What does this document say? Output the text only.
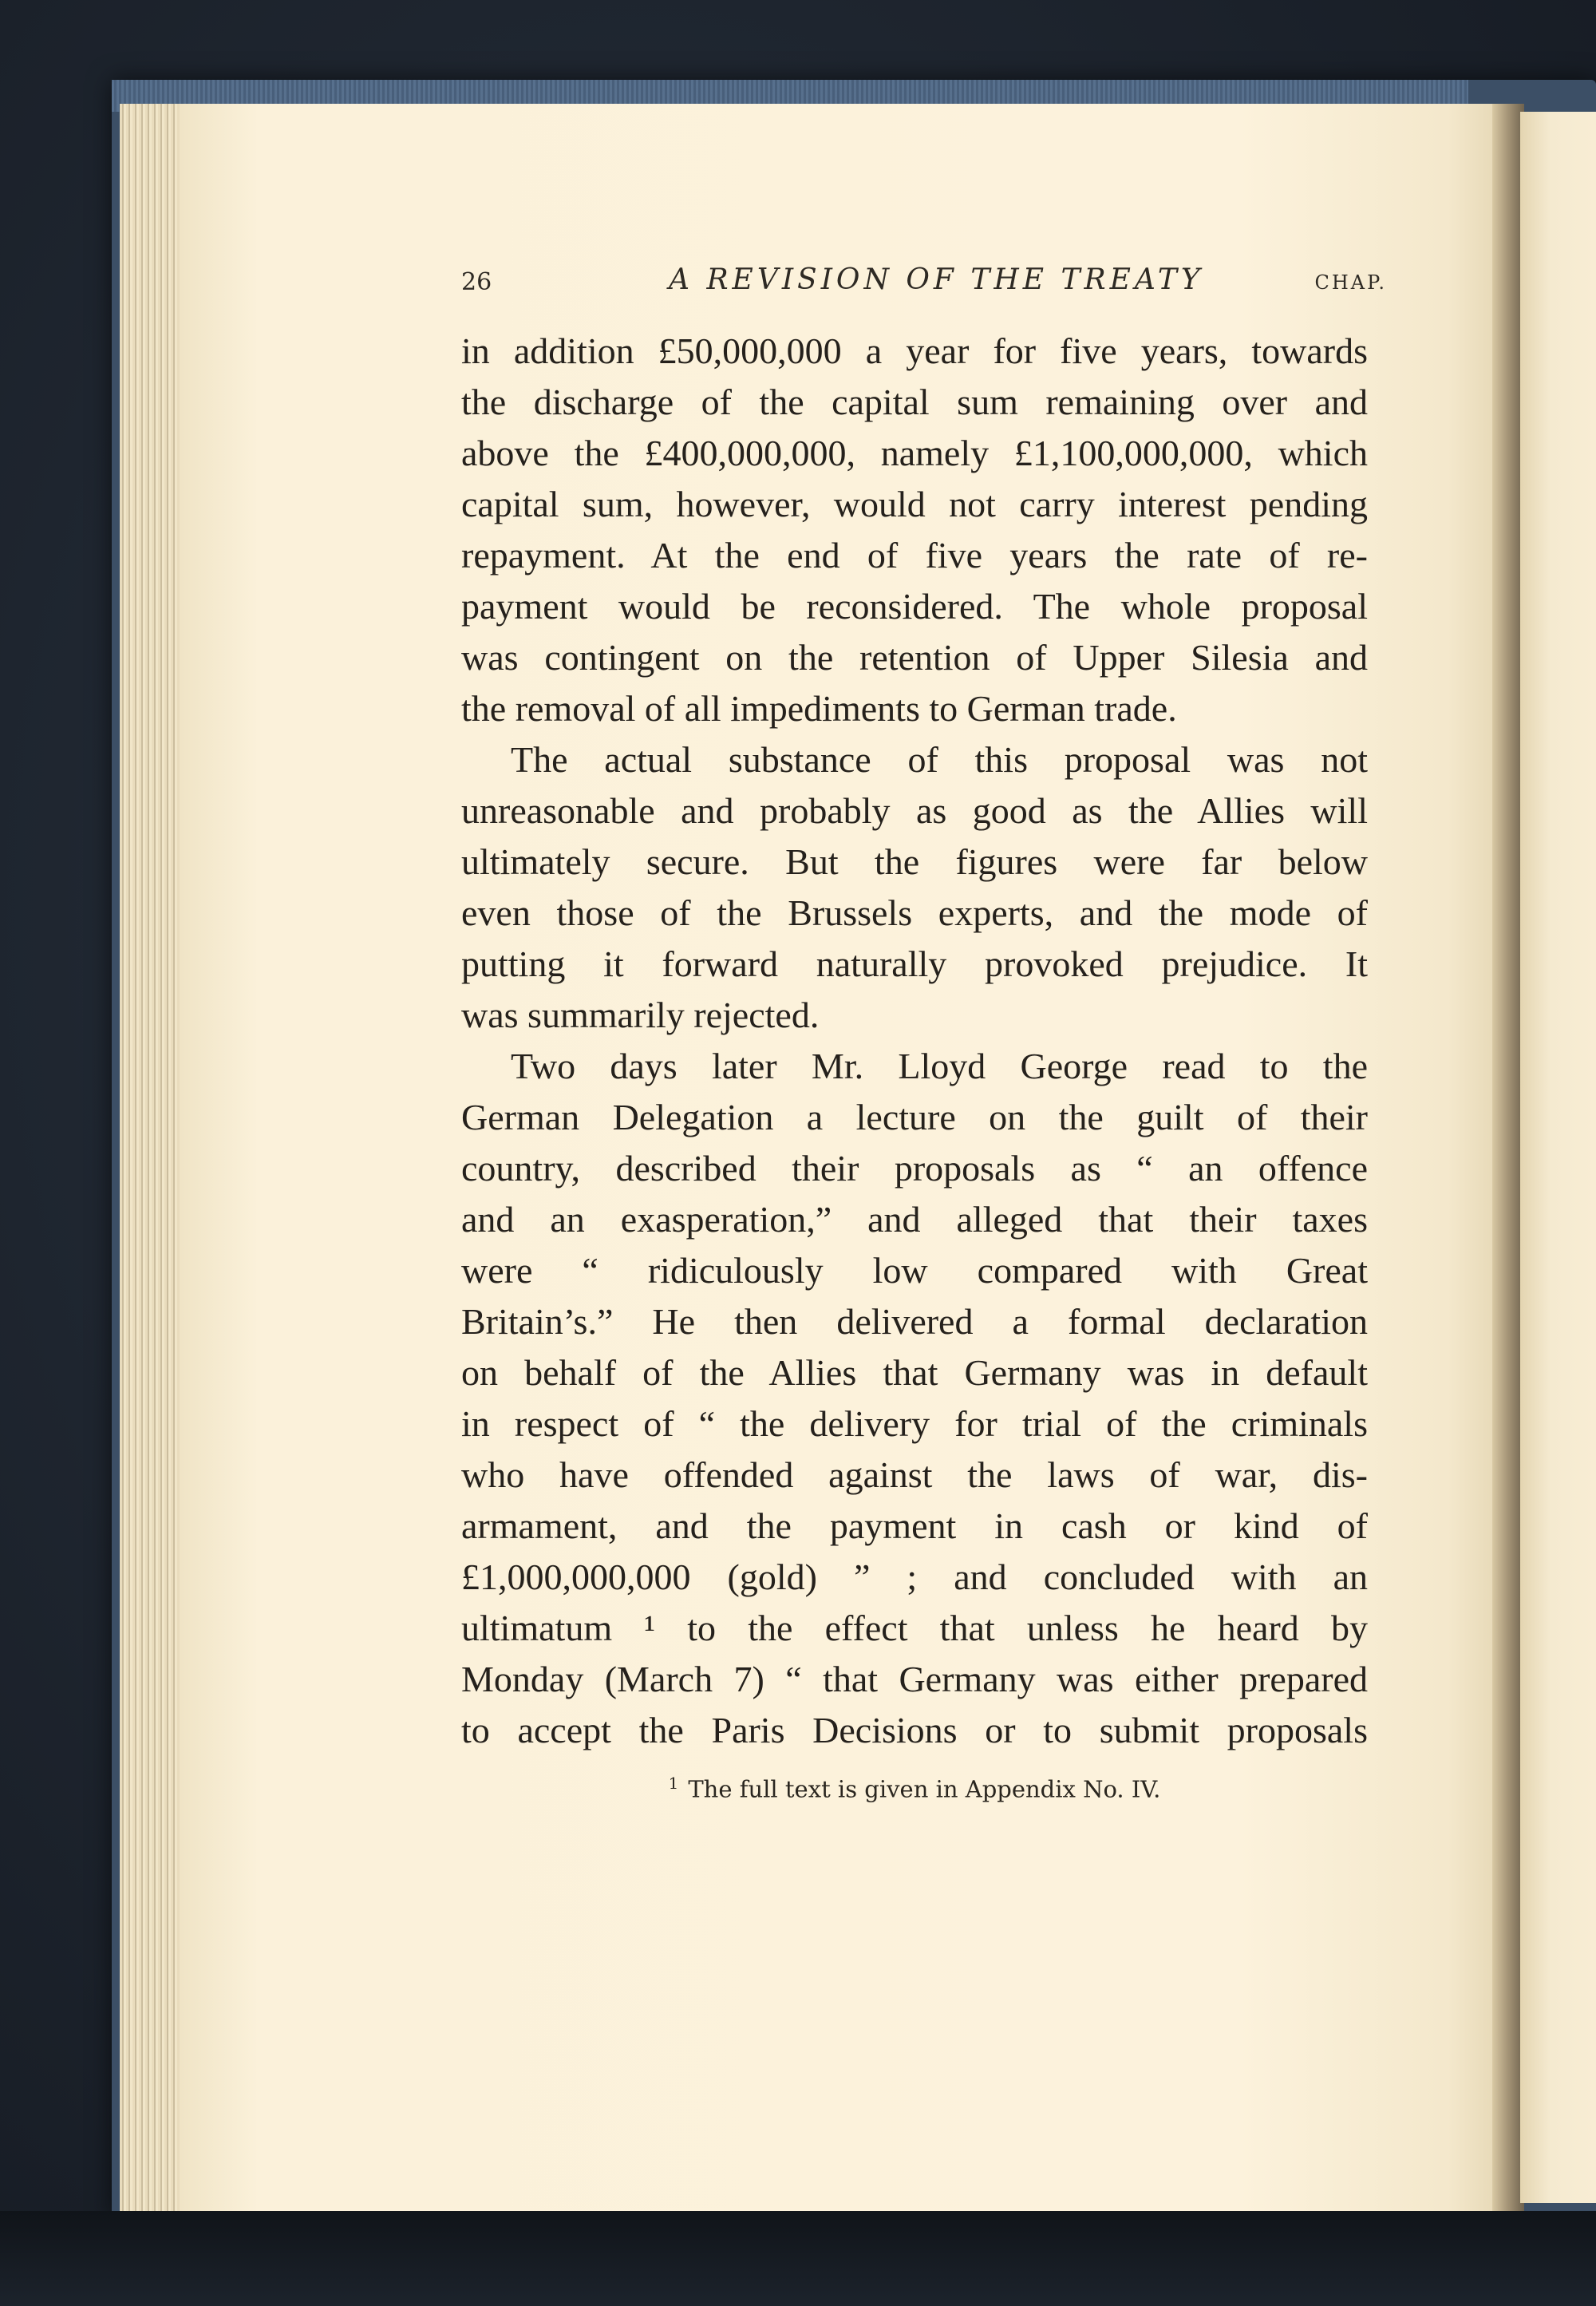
26	A REVISION OF THE TREATY	CHAP.
in addition £50,000,000 a year for five years, towards
the discharge of the capital sum remaining over and
above the £400,000,000, namely £1,100,000,000, which
capital sum, however, would not carry interest pending
repayment. At the end of five years the rate of re-
payment would be reconsidered. The whole proposal
was contingent on the retention of Upper Silesia and
the removal of all impediments to German trade.
The actual substance of this proposal was not
unreasonable and probably as good as the Allies will
ultimately secure. But the figures were far below
even those of the Brussels experts, and the mode of
putting it forward naturally provoked prejudice. It
was summarily rejected.
Two days later Mr. Lloyd George read to the
German Delegation a lecture on the guilt of their
country, described their proposals as “ an offence
and an exasperation,” and alleged that their taxes
were “ ridiculously low compared with Great
Britain’s.” He then delivered a formal declaration
on behalf of the Allies that Germany was in default
in respect of “ the delivery for trial of the criminals
who have offended against the laws of war, dis-
armament, and the payment in cash or kind of
£1,000,000,000 (gold) ” ; and concluded with an
ultimatum ¹ to the effect that unless he heard by
Monday (March 7) “ that Germany was either prepared
to accept the Paris Decisions or to submit proposals
$^1$ The full text is given in Appendix No. IV.
